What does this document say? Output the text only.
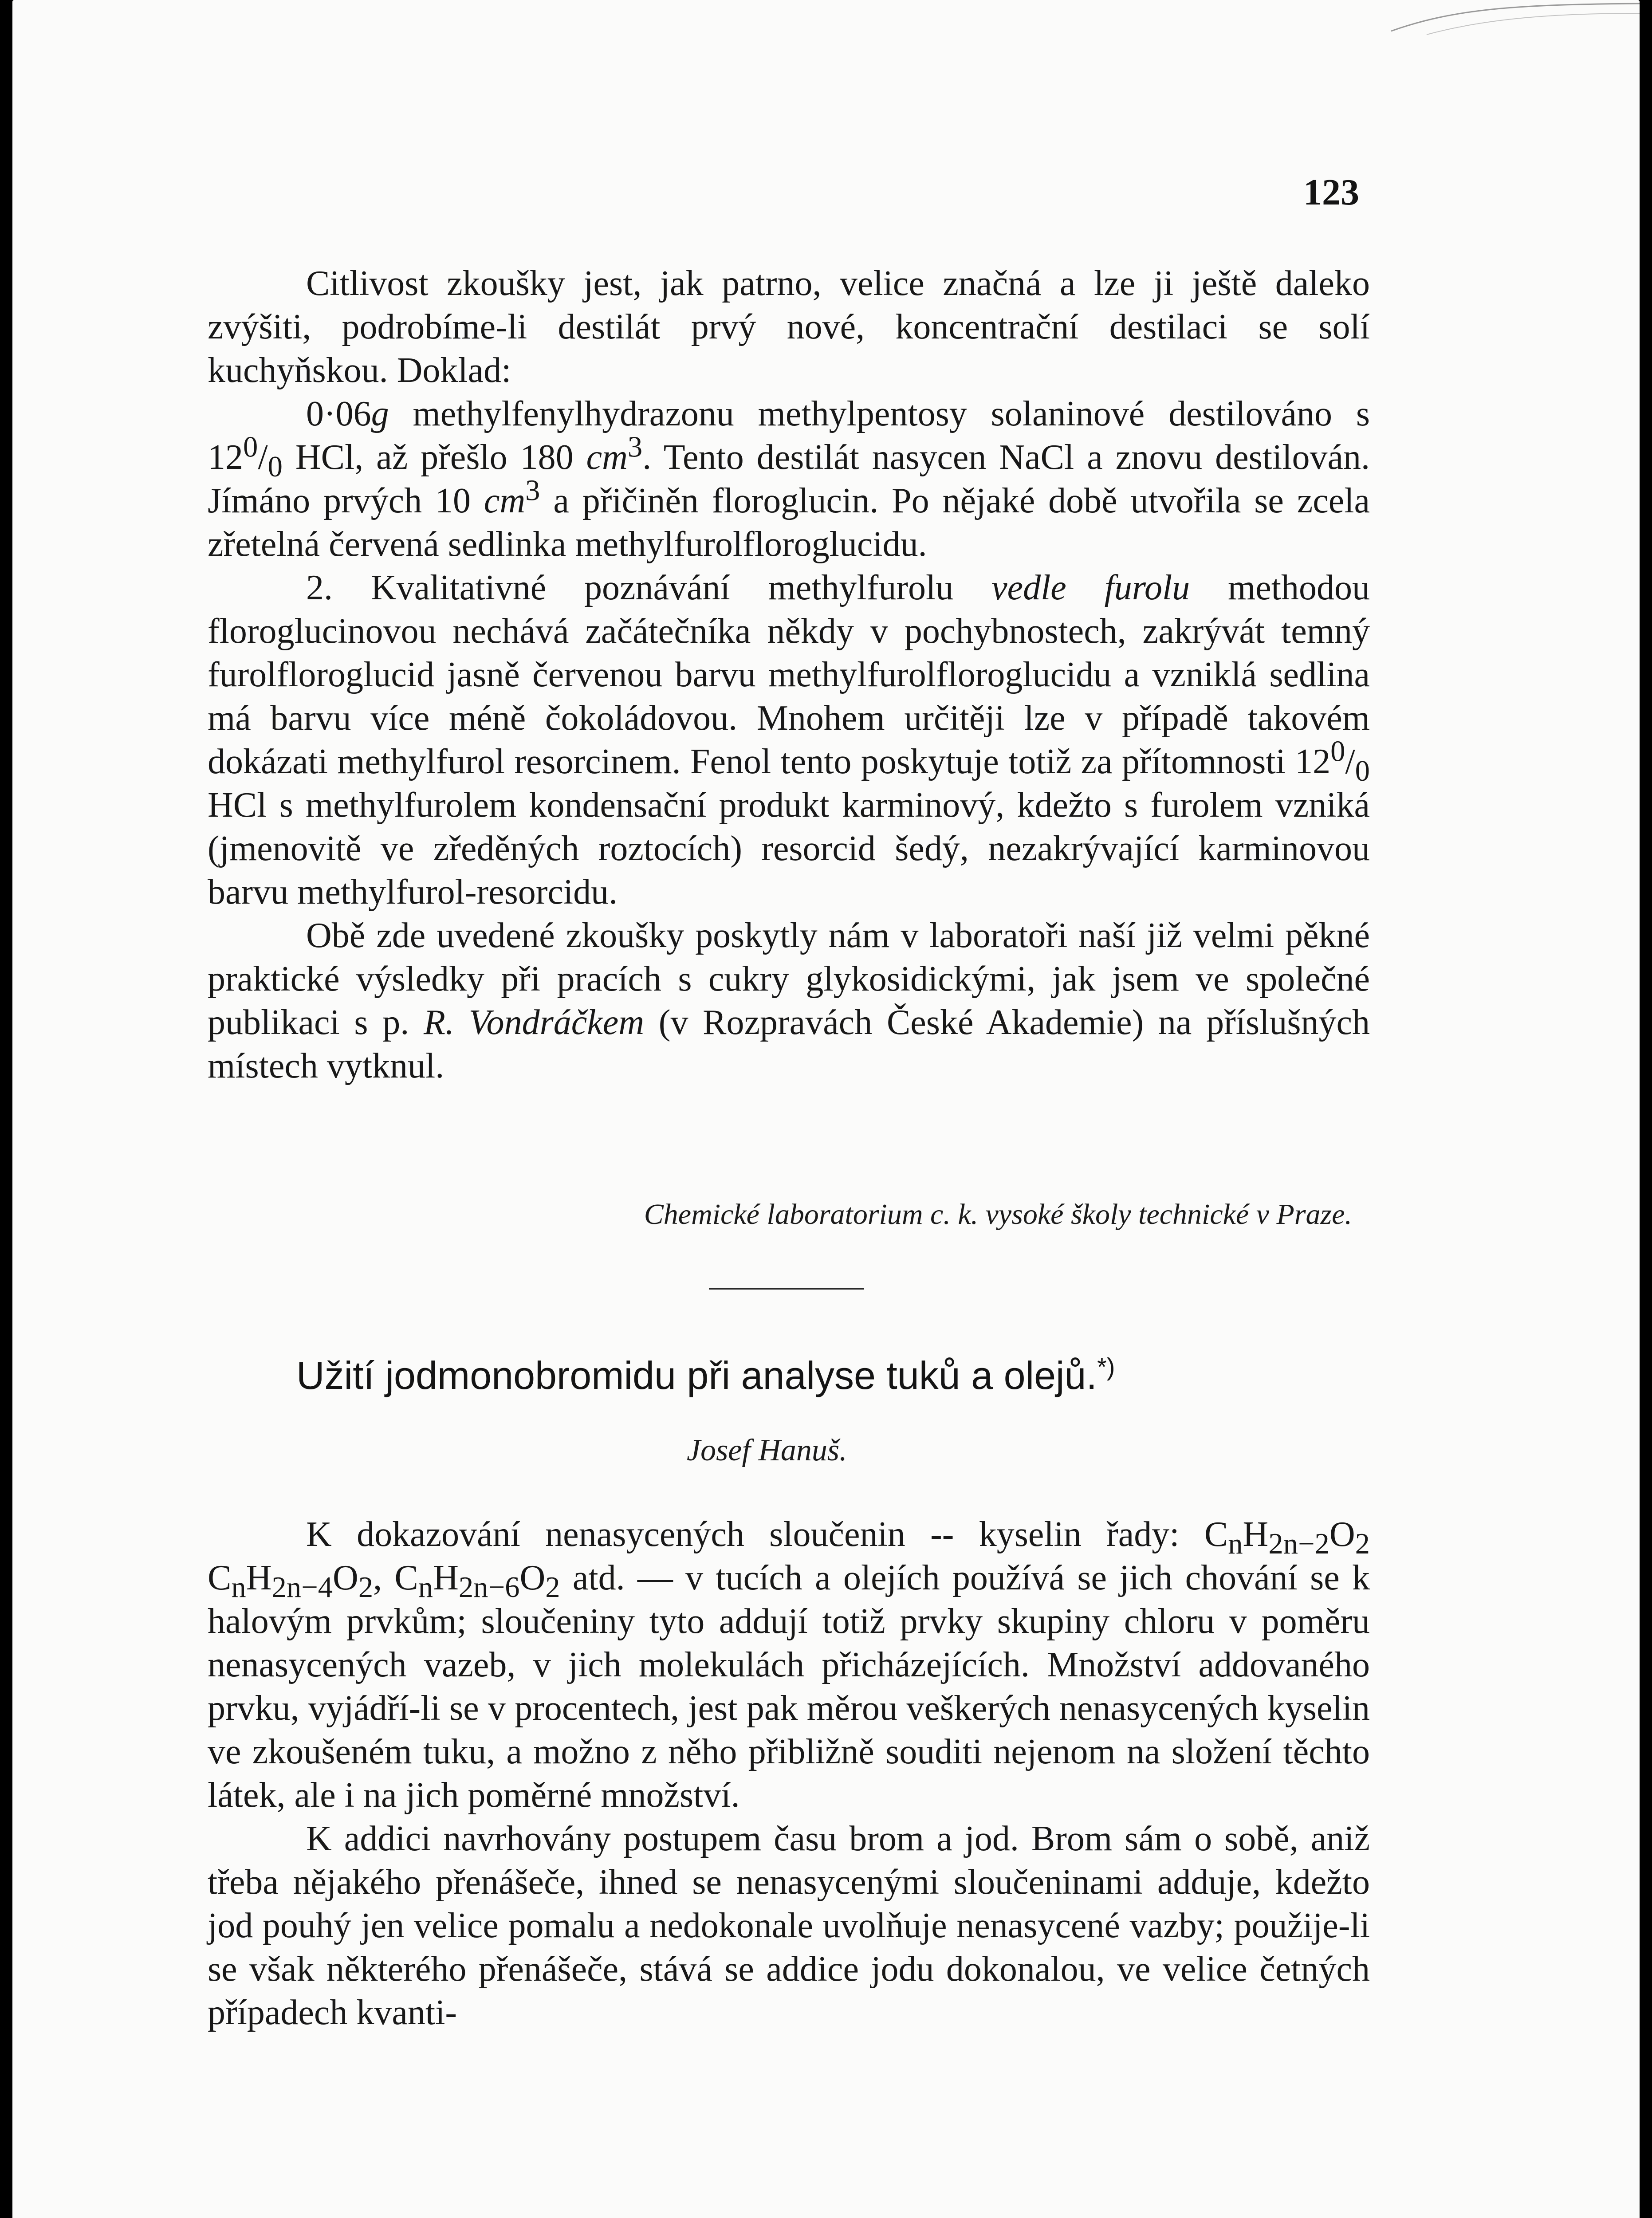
123

Citlivost zkoušky jest, jak patrno, velice značná a lze ji ještě daleko zvýšiti, podrobíme-li destilát prvý nové, koncentrační destilaci se solí kuchyňskou. Doklad:

0·06g methylfenylhydrazonu methylpentosy solaninové destilováno s $12^0/_0$ HCl, až přešlo 180 $cm^3$. Tento destilát nasycen NaCl a znovu destilován. Jímáno prvých 10 $cm^3$ a přičiněn floroglucin. Po nějaké době utvořila se zcela zřetelná červená sedlinka methylfurolfloroglucidu.

2. Kvalitativné poznávání methylfurolu vedle furolu methodou floroglucinovou nechává začátečníka někdy v pochybnostech, zakrývát temný furolfloroglucid jasně červenou barvu methylfurolfloroglucidu a vzniklá sedlina má barvu více méně čokoládovou. Mnohem určitěji lze v případě takovém dokázati methylfurol resorcinem. Fenol tento poskytuje totiž za přítomnosti $12^0/_0$ HCl s methylfurolem kondensační produkt karminový, kdežto s furolem vzniká (jmenovitě ve zředěných roztocích) resorcid šedý, nezakrývající karminovou barvu methylfurol-resorcidu.

Obě zde uvedené zkoušky poskytly nám v laboratoři naší již velmi pěkné praktické výsledky při pracích s cukry glykosidickými, jak jsem ve společné publikaci s p. R. Vondráčkem (v Rozpravách České Akademie) na příslušných místech vytknul.

Chemické laboratorium c. k. vysoké školy technické v Praze.
Užití jodmonobromidu při analyse tuků a olejů.*)
Josef Hanuš.

K dokazování nenasycených sloučenin -- kyselin řady: $C_nH_{2n-2}O_2$ $C_nH_{2n-4}O_2$, $C_nH_{2n-6}O_2$ atd. — v tucích a olejích používá se jich chování se k halovým prvkům; sloučeniny tyto addují totiž prvky skupiny chloru v poměru nenasycených vazeb, v jich molekulách přicházejících. Množství addovaného prvku, vyjádří-li se v procentech, jest pak měrou veškerých nenasycených kyselin ve zkoušeném tuku, a možno z něho přibližně souditi nejenom na složení těchto látek, ale i na jich poměrné množství.

K addici navrhovány postupem času brom a jod. Brom sám o sobě, aniž třeba nějakého přenášeče, ihned se nenasycenými sloučeninami adduje, kdežto jod pouhý jen velice pomalu a nedokonale uvolňuje nenasycené vazby; použije-li se však některého přenášeče, stává se addice jodu dokonalou, ve velice četných případech kvanti-
